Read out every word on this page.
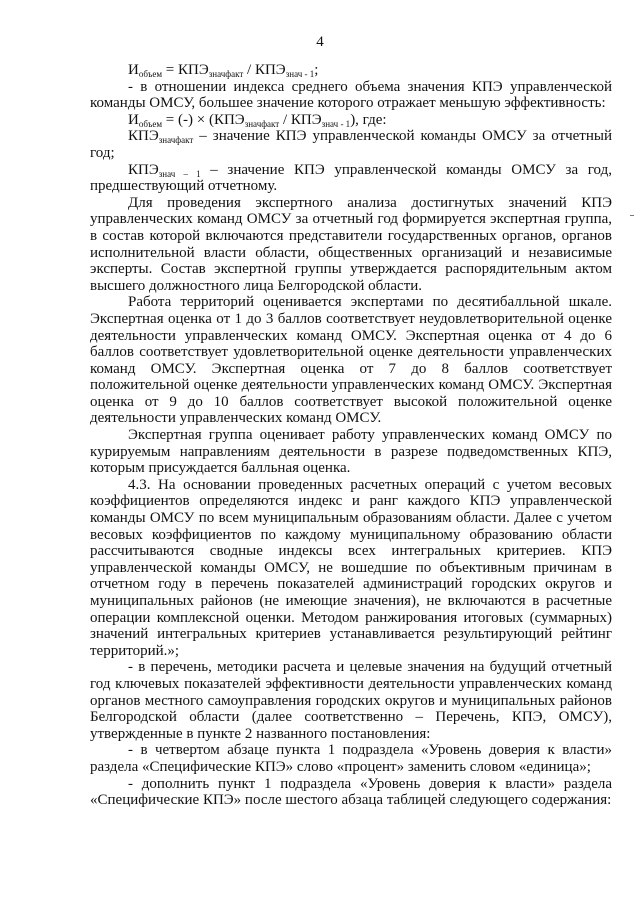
4

$И_{объем} = КПЭ_{значфакт} / КПЭ_{знач - 1}$;

- в отношении индекса среднего объема значения КПЭ управленческой команды ОМСУ, большее значение которого отражает меньшую эффективность:

$И_{объем}$ = (-) × $(КПЭ_{значфакт} / КПЭ_{знач - 1})$, где:

$КПЭ_{значфакт}$ – значение КПЭ управленческой команды ОМСУ за отчетный год;

$КПЭ_{знач - 1}$ – значение КПЭ управленческой команды ОМСУ за год, предшествующий отчетному.

Для проведения экспертного анализа достигнутых значений КПЭ управленческих команд ОМСУ за отчетный год формируется экспертная группа, в состав которой включаются представители государственных органов, органов исполнительной власти области, общественных организаций и независимые эксперты. Состав экспертной группы утверждается распорядительным актом высшего должностного лица Белгородской области.

Работа территорий оценивается экспертами по десятибалльной шкале. Экспертная оценка от 1 до 3 баллов соответствует неудовлетворительной оценке деятельности управленческих команд ОМСУ. Экспертная оценка от 4 до 6 баллов соответствует удовлетворительной оценке деятельности управленческих команд ОМСУ. Экспертная оценка от 7 до 8 баллов соответствует положительной оценке деятельности управленческих команд ОМСУ. Экспертная оценка от 9 до 10 баллов соответствует высокой положительной оценке деятельности управленческих команд ОМСУ.

Экспертная группа оценивает работу управленческих команд ОМСУ по курируемым направлениям деятельности в разрезе подведомственных КПЭ, которым присуждается балльная оценка.

4.3. На основании проведенных расчетных операций с учетом весовых коэффициентов определяются индекс и ранг каждого КПЭ управленческой команды ОМСУ по всем муниципальным образованиям области. Далее с учетом весовых коэффициентов по каждому муниципальному образованию области рассчитываются сводные индексы всех интегральных критериев. КПЭ управленческой команды ОМСУ, не вошедшие по объективным причинам в отчетном году в перечень показателей администраций городских округов и муниципальных районов (не имеющие значения), не включаются в расчетные операции комплексной оценки. Методом ранжирования итоговых (суммарных) значений интегральных критериев устанавливается результирующий рейтинг территорий.»;

- в перечень, методики расчета и целевые значения на будущий отчетный год ключевых показателей эффективности деятельности управленческих команд органов местного самоуправления городских округов и муниципальных районов Белгородской области (далее соответственно – Перечень, КПЭ, ОМСУ), утвержденные в пункте 2 названного постановления:

- в четвертом абзаце пункта 1 подраздела «Уровень доверия к власти» раздела «Специфические КПЭ» слово «процент» заменить словом «единица»;

- дополнить пункт 1 подраздела «Уровень доверия к власти» раздела «Специфические КПЭ» после шестого абзаца таблицей следующего содержания:
